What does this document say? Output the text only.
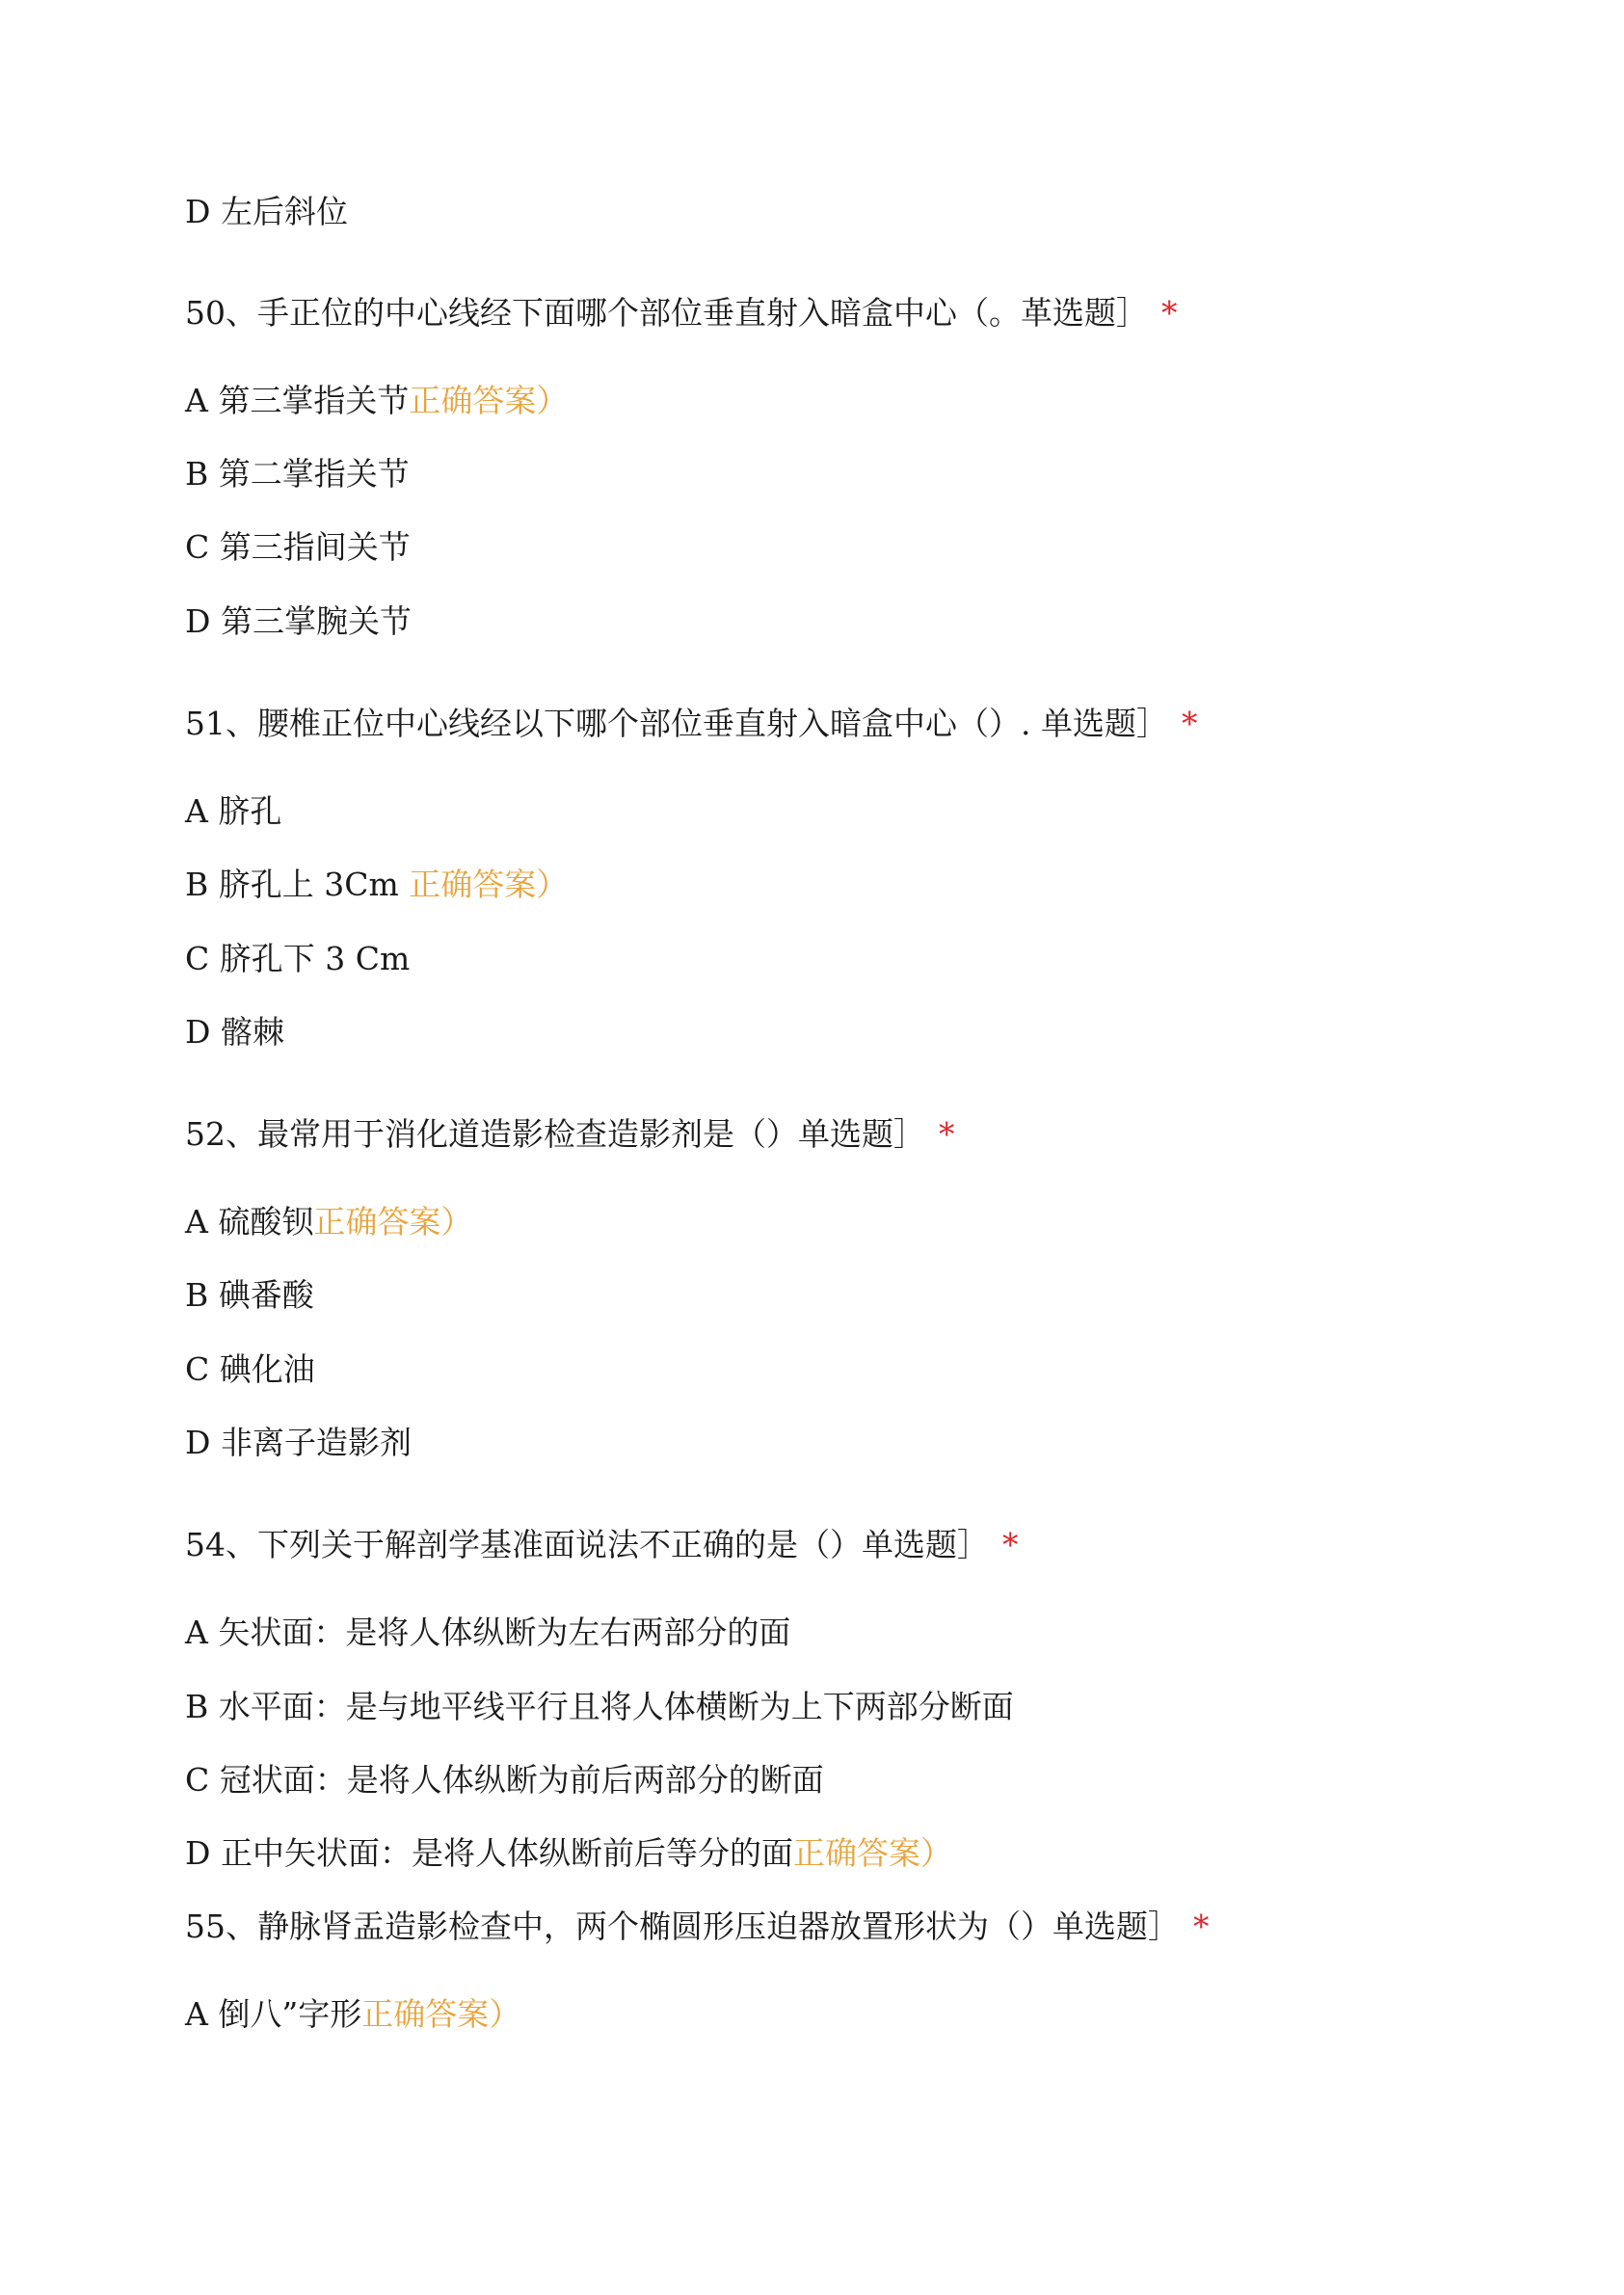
D 左后斜位
50、手正位的中心线经下面哪个部位垂直射入暗盒中心（。革选题］ *
A 第三掌指关节正确答案）
B 第二掌指关节
C 第三指间关节
D 第三掌腕关节
51、腰椎正位中心线经以下哪个部位垂直射入暗盒中心（）. 单选题］ *
A 脐孔
B 脐孔上 3Cm 正确答案）
C 脐孔下 3 Cm
D 髂棘
52、最常用于消化道造影检查造影剂是（）单选题］ *
A 硫酸钡正确答案）
B 碘番酸
C 碘化油
D 非离子造影剂
54、下列关于解剖学基准面说法不正确的是（）单选题］ *
A 矢状面：是将人体纵断为左右两部分的面
B 水平面：是与地平线平行且将人体横断为上下两部分断面
C 冠状面：是将人体纵断为前后两部分的断面
D 正中矢状面：是将人体纵断前后等分的面正确答案）
55、静脉肾盂造影检查中，两个椭圆形压迫器放置形状为（）单选题］ *
A 倒八”字形正确答案）
